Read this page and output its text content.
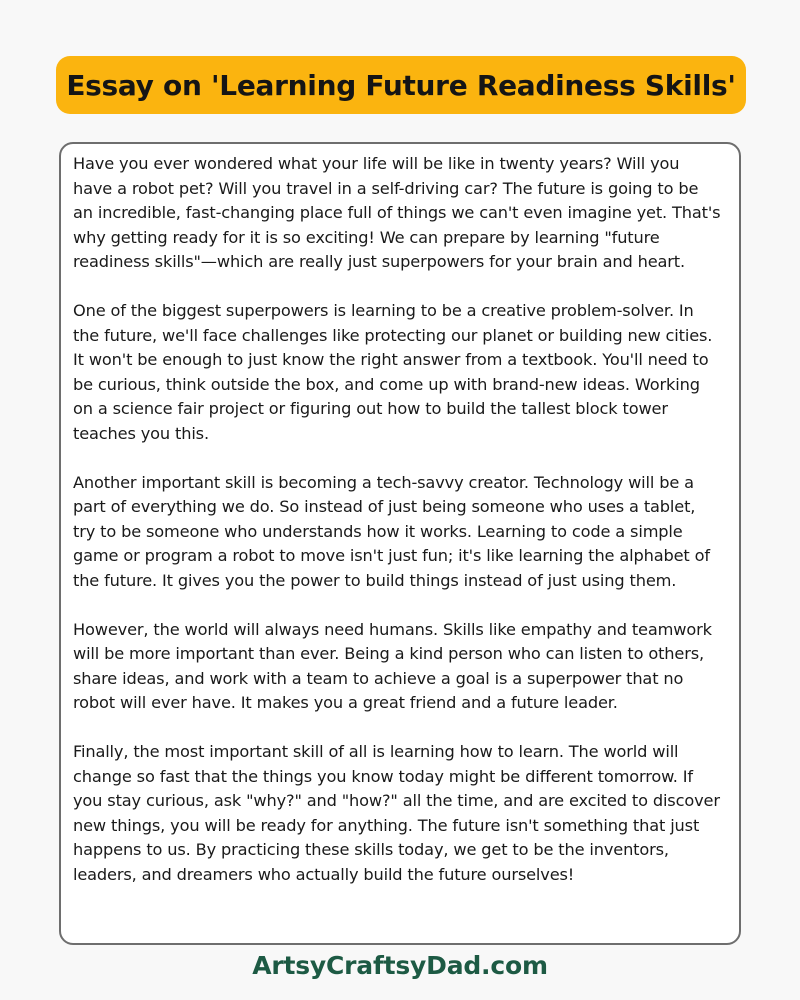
Essay on 'Learning Future Readiness Skills'

Have you ever wondered what your life will be like in twenty years? Will you have a robot pet? Will you travel in a self-driving car? The future is going to be an incredible, fast-changing place full of things we can't even imagine yet. That's why getting ready for it is so exciting! We can prepare by learning "future readiness skills"—which are really just superpowers for your brain and heart.

One of the biggest superpowers is learning to be a creative problem-solver. In the future, we'll face challenges like protecting our planet or building new cities. It won't be enough to just know the right answer from a textbook. You'll need to be curious, think outside the box, and come up with brand-new ideas. Working on a science fair project or figuring out how to build the tallest block tower teaches you this.

Another important skill is becoming a tech-savvy creator. Technology will be a part of everything we do. So instead of just being someone who uses a tablet, try to be someone who understands how it works. Learning to code a simple game or program a robot to move isn't just fun; it's like learning the alphabet of the future. It gives you the power to build things instead of just using them.

However, the world will always need humans. Skills like empathy and teamwork will be more important than ever. Being a kind person who can listen to others, share ideas, and work with a team to achieve a goal is a superpower that no robot will ever have. It makes you a great friend and a future leader.

Finally, the most important skill of all is learning how to learn. The world will change so fast that the things you know today might be different tomorrow. If you stay curious, ask "why?" and "how?" all the time, and are excited to discover new things, you will be ready for anything. The future isn't something that just happens to us. By practicing these skills today, we get to be the inventors, leaders, and dreamers who actually build the future ourselves!

ArtsyCraftsyDad.com
